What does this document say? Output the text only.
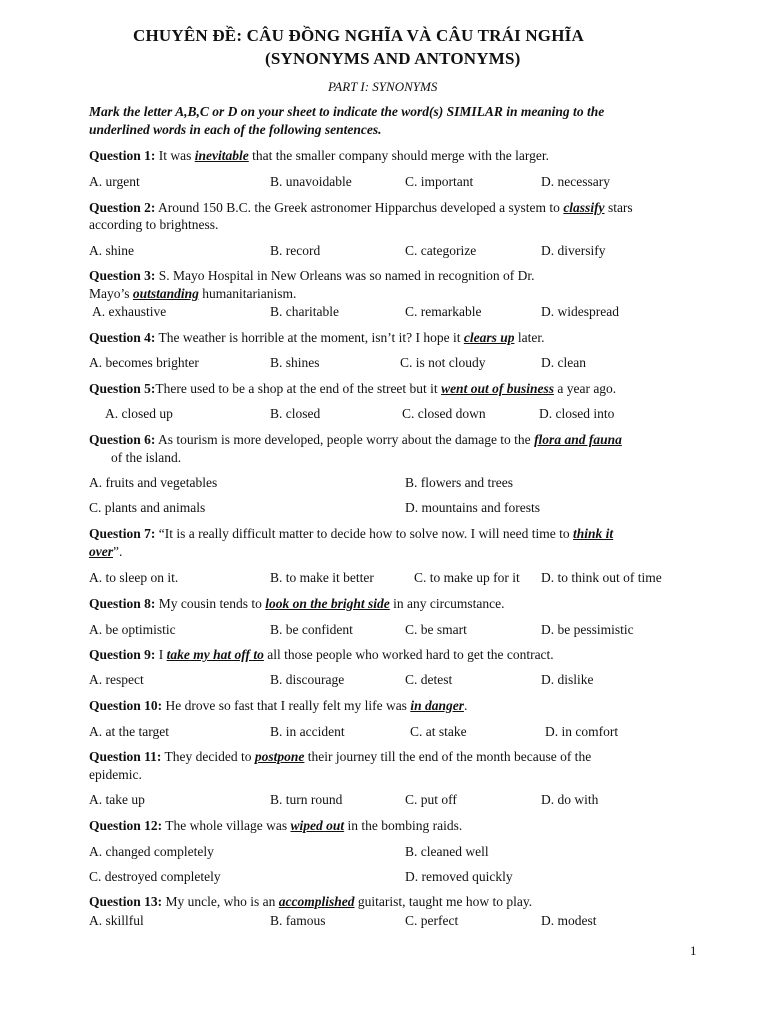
CHUYÊN ĐỀ: CÂU ĐỒNG NGHĨA VÀ CÂU TRÁI NGHĨA
(SYNONYMS AND ANTONYMS)
PART I: SYNONYMS
Mark the letter A,B,C or D on your sheet to indicate the word(s) SIMILAR in meaning to the
underlined words in each of the following sentences.
Question 1: It was inevitable that the smaller company should merge with the larger.
A. urgent	B. unavoidable	C. important	D. necessary
Question 2: Around 150 B.C. the Greek astronomer Hipparchus developed a system to classify stars
according to brightness.
A. shine	B. record	C. categorize	D. diversify
Question 3: S. Mayo Hospital in New Orleans was so named in recognition of Dr.
Mayo’s outstanding humanitarianism.
A. exhaustive	B. charitable	C. remarkable	D. widespread
Question 4: The weather is horrible at the moment, isn’t it? I hope it clears up later.
A. becomes brighter	B. shines	C. is not cloudy	D. clean
Question 5:There used to be a shop at the end of the street but it went out of business a year ago.
A. closed up	B. closed	C. closed down	D. closed into
Question 6: As tourism is more developed, people worry about the damage to the flora and fauna
of the island.
A. fruits and vegetables	B. flowers and trees
C. plants and animals	D. mountains and forests
Question 7: “It is a really difficult matter to decide how to solve now. I will need time to think it
over”.
A. to sleep on it.	B. to make it better	C. to make up for it D. to think out of time
Question 8: My cousin tends to look on the bright side in any circumstance.
A. be optimistic	B. be confident	C. be smart	D. be pessimistic
Question 9: I take my hat off to all those people who worked hard to get the contract.
A. respect	B. discourage	C. detest	D. dislike
Question 10: He drove so fast that I really felt my life was in danger.
A. at the target	B. in accident	C. at stake	D. in comfort
Question 11: They decided to postpone their journey till the end of the month because of the
epidemic.
A. take up	B. turn round	C. put off	D. do with
Question 12: The whole village was wiped out in the bombing raids.
A. changed completely	B. cleaned well
C. destroyed completely	D. removed quickly
Question 13: My uncle, who is an accomplished guitarist, taught me how to play.
A. skillful	B. famous	C. perfect	D. modest
1
